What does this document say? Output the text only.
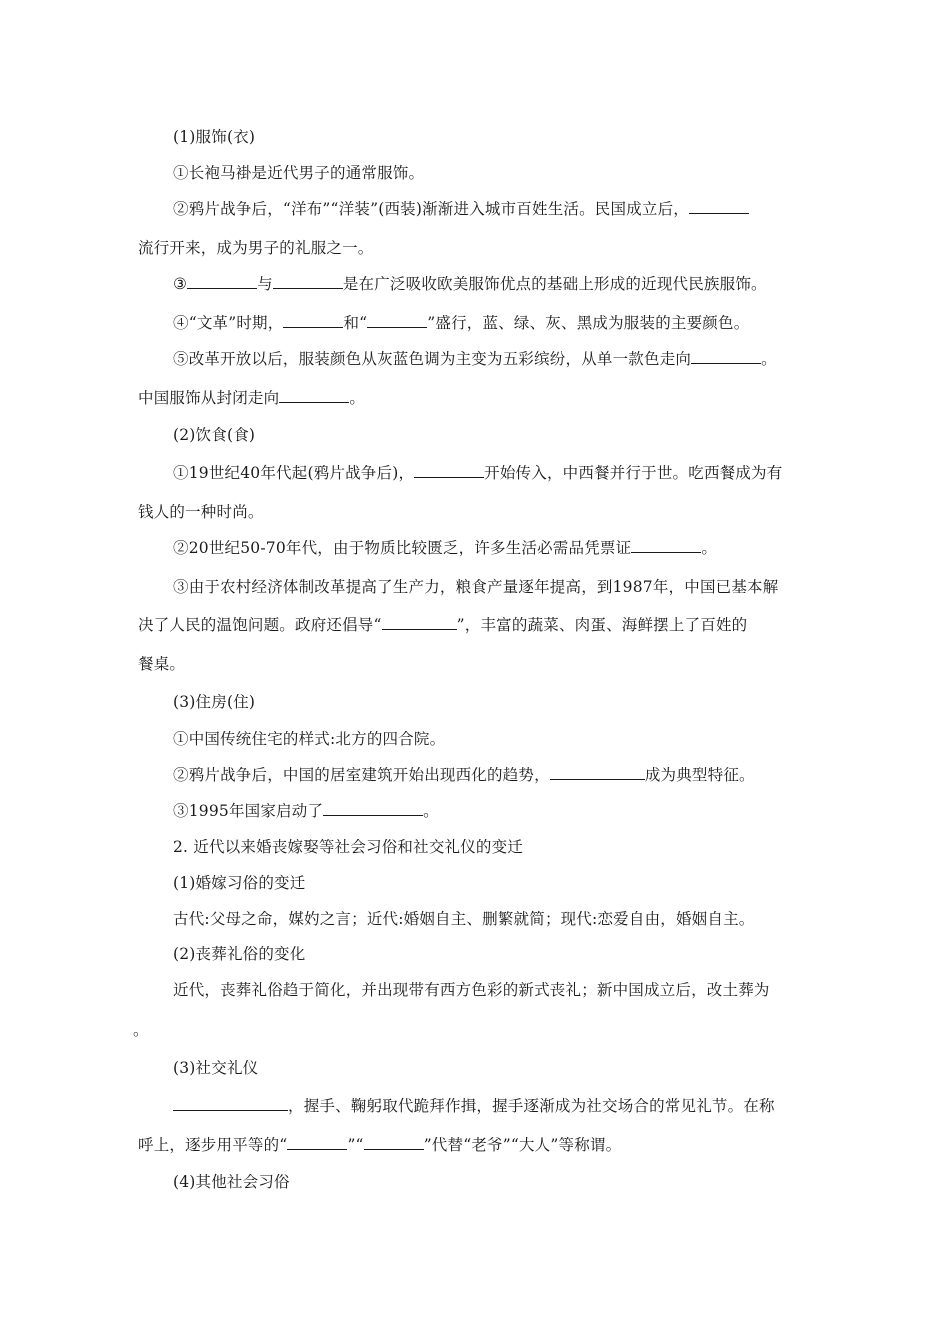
(1)服饰(衣)
①长袍马褂是近代男子的通常服饰。
②鸦片战争后，“洋布”“洋装”(西装)渐渐进入城市百姓生活。民国成立后，
流行开来，成为男子的礼服之一。
③	与	是在广泛吸收欧美服饰优点的基础上形成的近现代民族服饰。
④“文革”时期，	和“	”盛行，蓝、绿、灰、黑成为服装的主要颜色。
⑤改革开放以后，服装颜色从灰蓝色调为主变为五彩缤纷，从单一款色走向	。
中国服饰从封闭走向	。
(2)饮食(食)
①19世纪40年代起(鸦片战争后)，	开始传入，中西餐并行于世。吃西餐成为有
钱人的一种时尚。
②20世纪50-70年代，由于物质比较匮乏，许多生活必需品凭票证	。
③由于农村经济体制改革提高了生产力，粮食产量逐年提高，到1987年，中国已基本解
决了人民的温饱问题。政府还倡导“	”，丰富的蔬菜、肉蛋、海鲜摆上了百姓的
餐桌。
(3)住房(住)
①中国传统住宅的样式:北方的四合院。
②鸦片战争后，中国的居室建筑开始出现西化的趋势，	成为典型特征。
③1995年国家启动了	。
2. 近代以来婚丧嫁娶等社会习俗和社交礼仪的变迁
(1)婚嫁习俗的变迁
古代:父母之命，媒妁之言；近代:婚姻自主、删繁就简；现代:恋爱自由，婚姻自主。
(2)丧葬礼俗的变化
近代，丧葬礼俗趋于简化，并出现带有西方色彩的新式丧礼；新中国成立后，改土葬为
。
(3)社交礼仪
，握手、鞠躬取代跪拜作揖，握手逐渐成为社交场合的常见礼节。在称
呼上，逐步用平等的“	”“	”代替“老爷”“大人”等称谓。
(4)其他社会习俗
